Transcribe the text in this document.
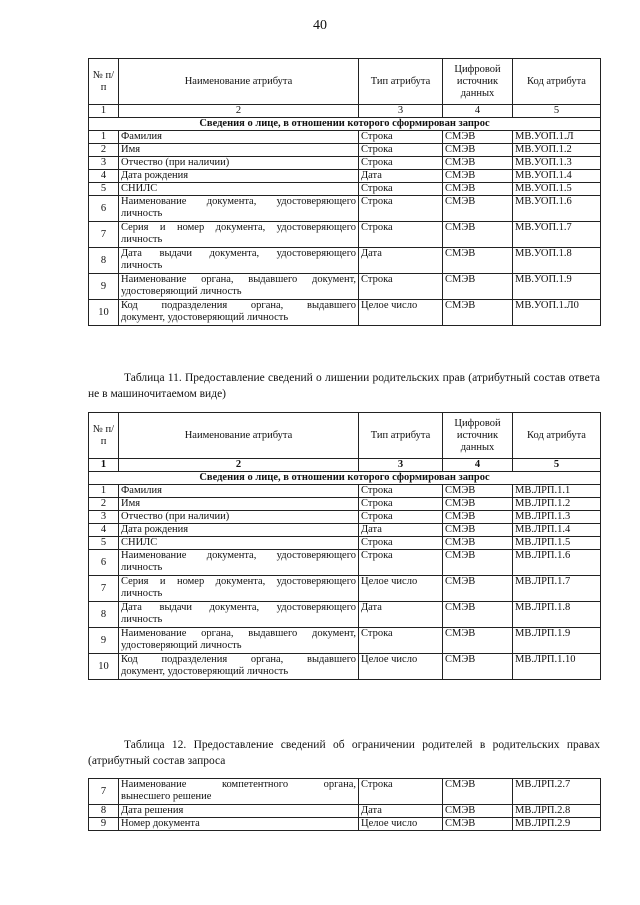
40
№ п/п	Наименование атрибута	Тип атрибута	Цифровой источник данных	Код атрибута
1	2	3	4	5
Сведения о лице, в отношении которого сформирован запрос				
1	Фамилия	Строка	СМЭВ	МВ.УОП.1.Л
2	Имя	Строка	СМЭВ	МВ.УОП.1.2
3	Отчество (при наличии)	Строка	СМЭВ	МВ.УОП.1.3
4	Дата рождения	Дата	СМЭВ	МВ.УОП.1.4
5	СНИЛС	Строка	СМЭВ	МВ.УОП.1.5
6	Наименование документа, удостоверяющего
личность	Строка	СМЭВ	МВ.УОП.1.6
7	Серия и номер документа, удостоверяющего
личность	Строка	СМЭВ	МВ.УОП.1.7
8	Дата выдачи документа, удостоверяющего
личность	Дата	СМЭВ	МВ.УОП.1.8
9	Наименование органа, выдавшего документ,
удостоверяющий личность	Строка	СМЭВ	МВ.УОП.1.9
10	Код подразделения органа, выдавшего
документ, удостоверяющий личность	Целое число	СМЭВ	МВ.УОП.1.Л0
Таблица 11. Предоставление сведений о лишении родительских прав (атрибутный состав ответа не в машиночитаемом виде)
№ п/п	Наименование атрибута	Тип атрибута	Цифровой источник данных	Код атрибута
1	2	3	4	5
Сведения о лице, в отношении которого сформирован запрос				
1	Фамилия	Строка	СМЭВ	МВ.ЛРП.1.1
2	Имя	Строка	СМЭВ	МВ.ЛРП.1.2
3	Отчество (при наличии)	Строка	СМЭВ	МВ.ЛРП.1.3
4	Дата рождения	Дата	СМЭВ	МВ.ЛРП.1.4
5	СНИЛС	Строка	СМЭВ	МВ.ЛРП.1.5
6	Наименование документа, удостоверяющего
личность	Строка	СМЭВ	МВ.ЛРП.1.6
7	Серия и номер документа, удостоверяющего
личность	Целое число	СМЭВ	МВ.ЛРП.1.7
8	Дата выдачи документа, удостоверяющего
личность	Дата	СМЭВ	МВ.ЛРП.1.8
9	Наименование органа, выдавшего документ,
удостоверяющий личность	Строка	СМЭВ	МВ.ЛРП.1.9
10	Код подразделения органа, выдавшего
документ, удостоверяющий личность	Целое число	СМЭВ	МВ.ЛРП.1.10
Таблица 12. Предоставление сведений об ограничении родителей в родительских правах (атрибутный состав запроса
7	Наименование компетентного органа,
вынесшего решение	Строка	СМЭВ	МВ.ЛРП.2.7
8	Дата решения	Дата	СМЭВ	МВ.ЛРП.2.8
9	Номер документа	Целое число	СМЭВ	МВ.ЛРП.2.9
